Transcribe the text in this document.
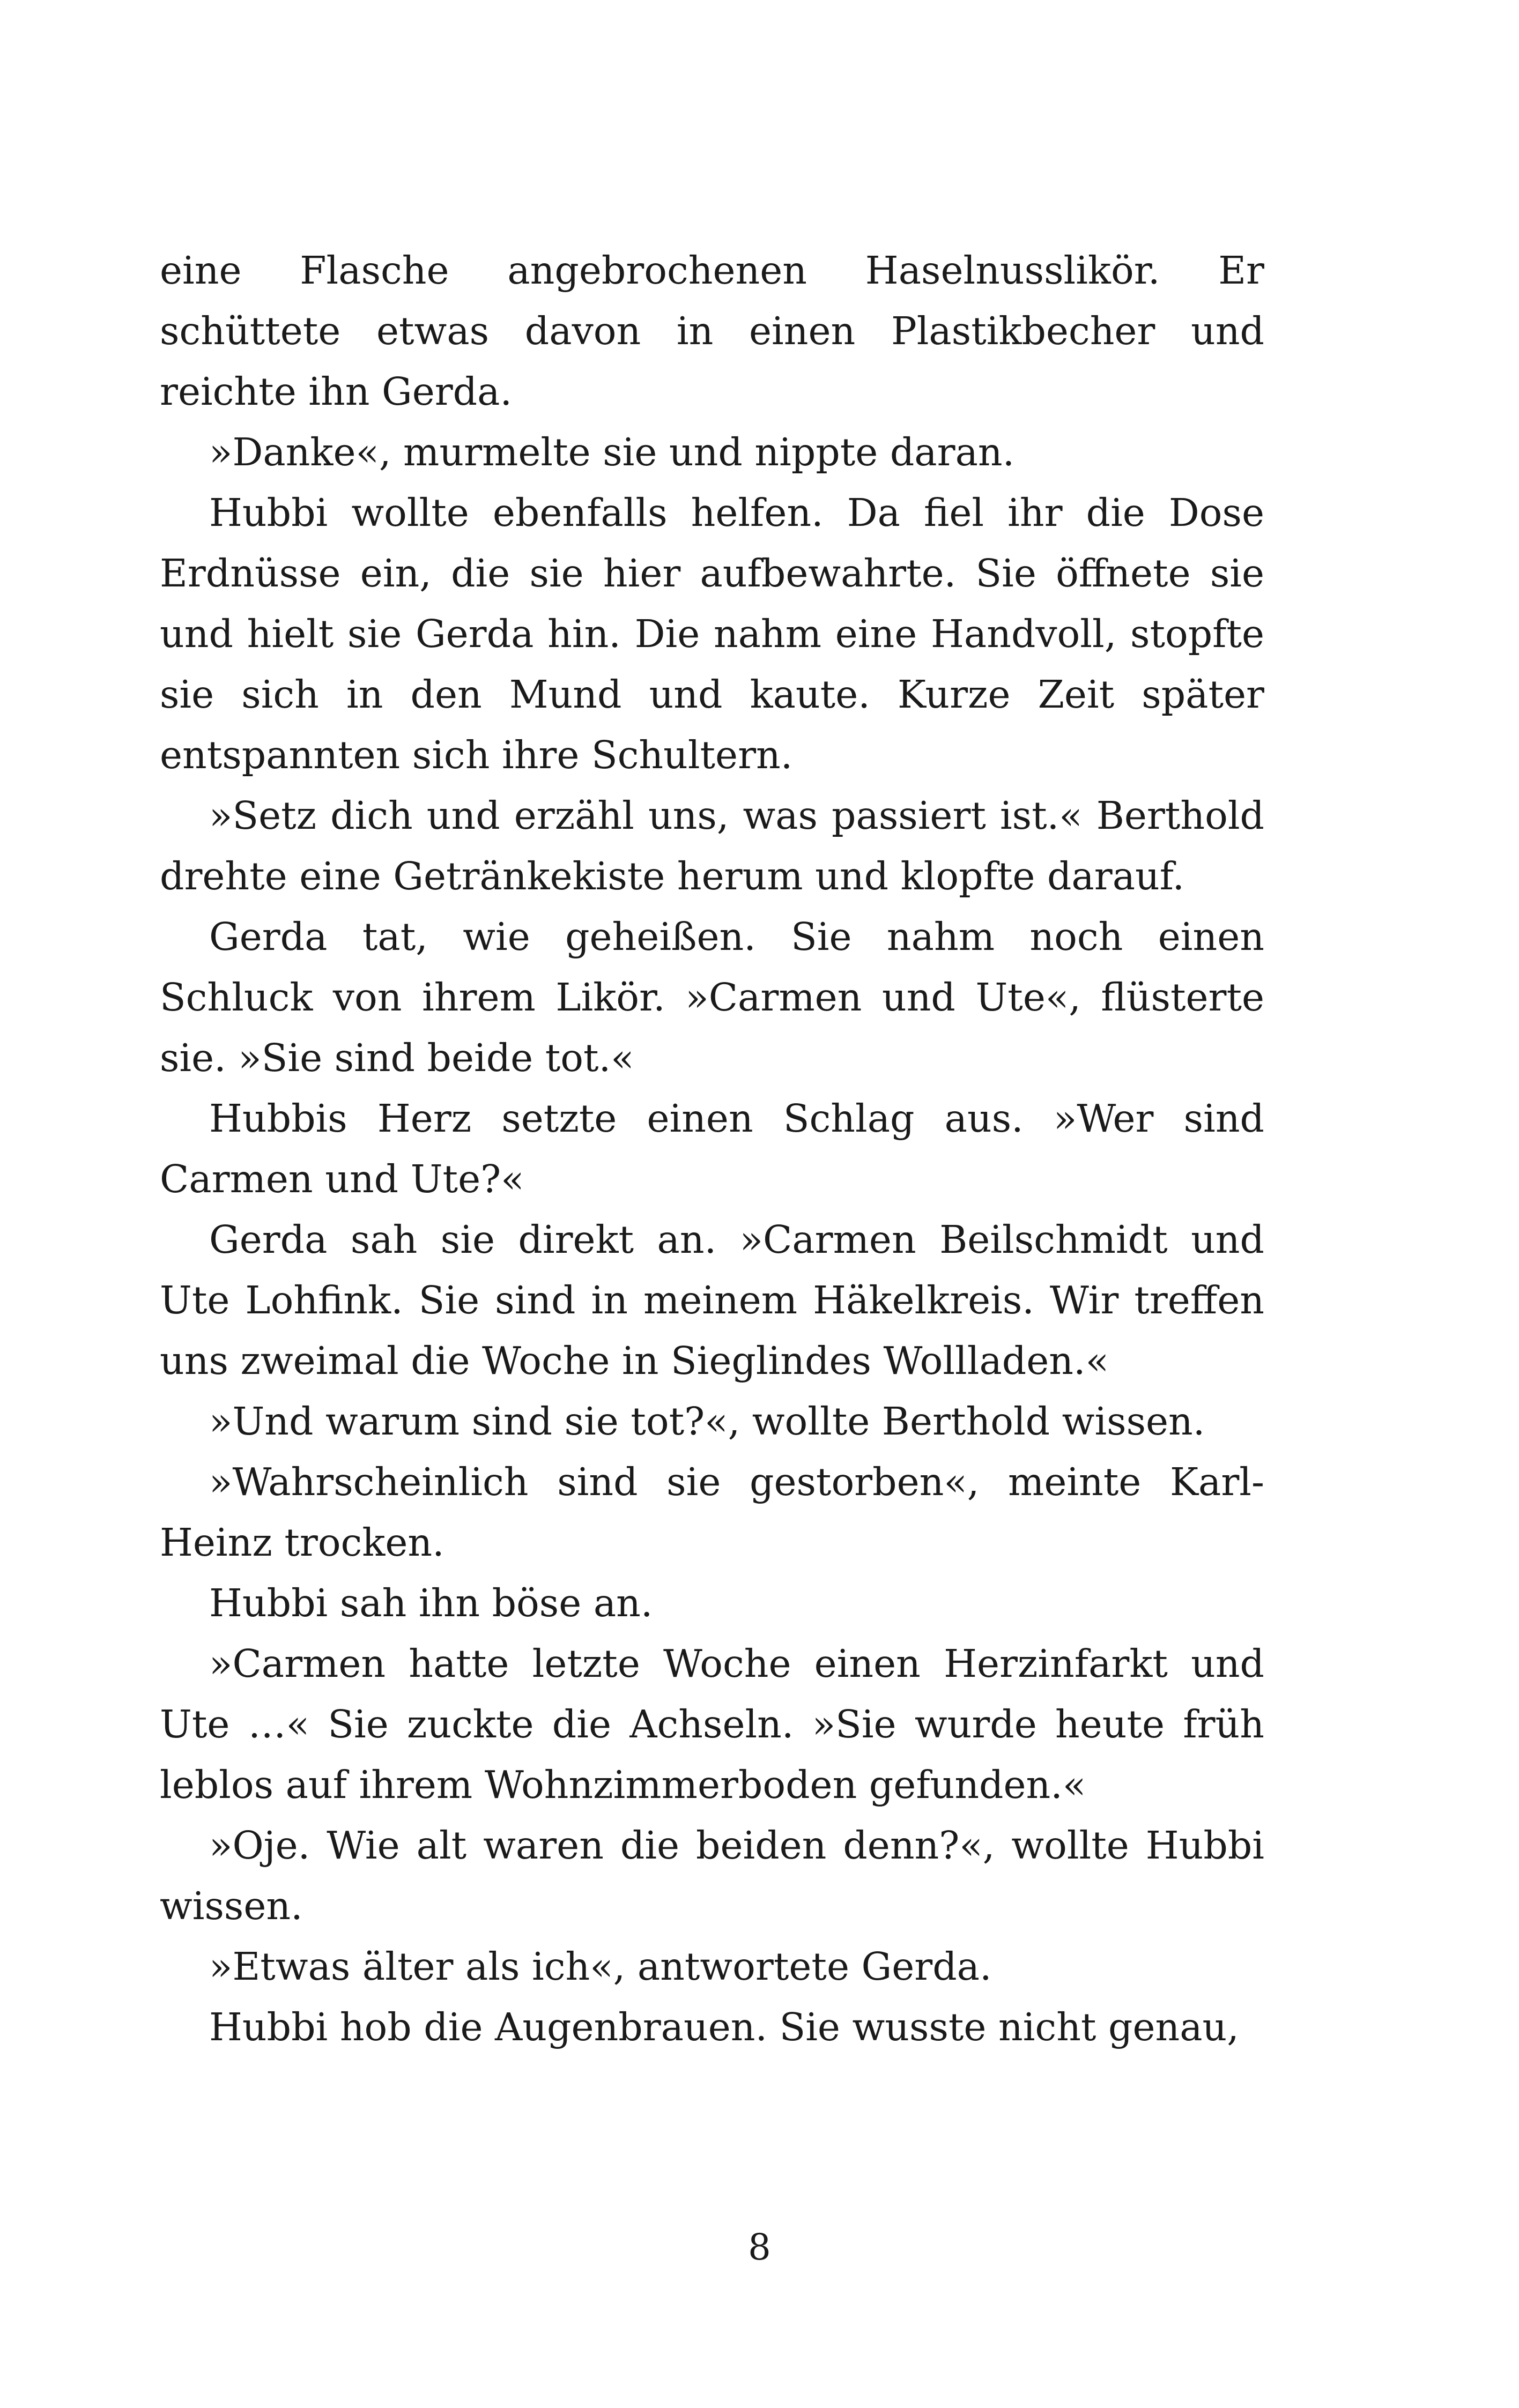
eine Flasche angebrochenen Haselnusslikör. Er schüttete etwas davon in einen Plastikbecher und reichte ihn Gerda.

»Danke«, murmelte sie und nippte daran.

Hubbi wollte ebenfalls helfen. Da fiel ihr die Dose Erdnüsse ein, die sie hier aufbewahrte. Sie öffnete sie und hielt sie Gerda hin. Die nahm eine Handvoll, stopfte sie sich in den Mund und kaute. Kurze Zeit später entspannten sich ihre Schultern.

»Setz dich und erzähl uns, was passiert ist.« Berthold drehte eine Getränkekiste herum und klopfte darauf.

Gerda tat, wie geheißen. Sie nahm noch einen Schluck von ihrem Likör. »Carmen und Ute«, flüsterte sie. »Sie sind beide tot.«

Hubbis Herz setzte einen Schlag aus. »Wer sind Carmen und Ute?«

Gerda sah sie direkt an. »Carmen Beilschmidt und Ute Lohfink. Sie sind in meinem Häkelkreis. Wir treffen uns zweimal die Woche in Sieglindes Wollladen.«

»Und warum sind sie tot?«, wollte Berthold wissen.

»Wahrscheinlich sind sie gestorben«, meinte Karl-Heinz trocken.

Hubbi sah ihn böse an.

»Carmen hatte letzte Woche einen Herzinfarkt und Ute …« Sie zuckte die Achseln. »Sie wurde heute früh leblos auf ihrem Wohnzimmerboden gefunden.«

»Oje. Wie alt waren die beiden denn?«, wollte Hubbi wissen.

»Etwas älter als ich«, antwortete Gerda.

Hubbi hob die Augenbrauen. Sie wusste nicht genau,

8
